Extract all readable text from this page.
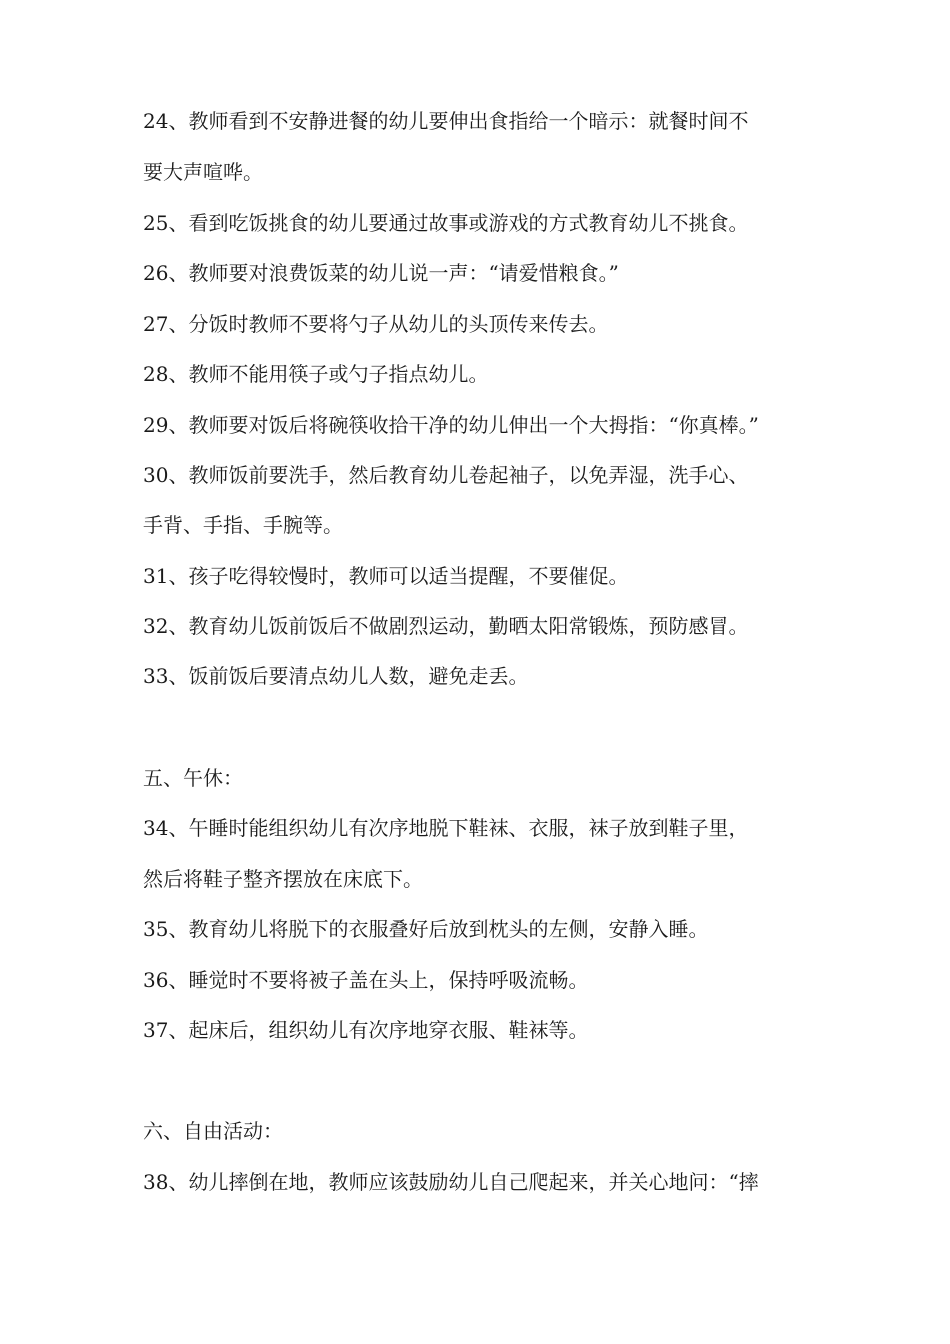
24、教师看到不安静进餐的幼儿要伸出食指给一个暗示：就餐时间不
要大声喧哗。
25、看到吃饭挑食的幼儿要通过故事或游戏的方式教育幼儿不挑食。
26、教师要对浪费饭菜的幼儿说一声：“请爱惜粮食。”
27、分饭时教师不要将勺子从幼儿的头顶传来传去。
28、教师不能用筷子或勺子指点幼儿。
29、教师要对饭后将碗筷收拾干净的幼儿伸出一个大拇指：“你真棒。”
30、教师饭前要洗手，然后教育幼儿卷起袖子，以免弄湿，洗手心、
手背、手指、手腕等。
31、孩子吃得较慢时，教师可以适当提醒，不要催促。
32、教育幼儿饭前饭后不做剧烈运动，勤晒太阳常锻炼，预防感冒。
33、饭前饭后要清点幼儿人数，避免走丢。
五、午休：
34、午睡时能组织幼儿有次序地脱下鞋袜、衣服，袜子放到鞋子里，
然后将鞋子整齐摆放在床底下。
35、教育幼儿将脱下的衣服叠好后放到枕头的左侧，安静入睡。
36、睡觉时不要将被子盖在头上，保持呼吸流畅。
37、起床后，组织幼儿有次序地穿衣服、鞋袜等。
六、自由活动：
38、幼儿摔倒在地，教师应该鼓励幼儿自己爬起来，并关心地问：“摔
